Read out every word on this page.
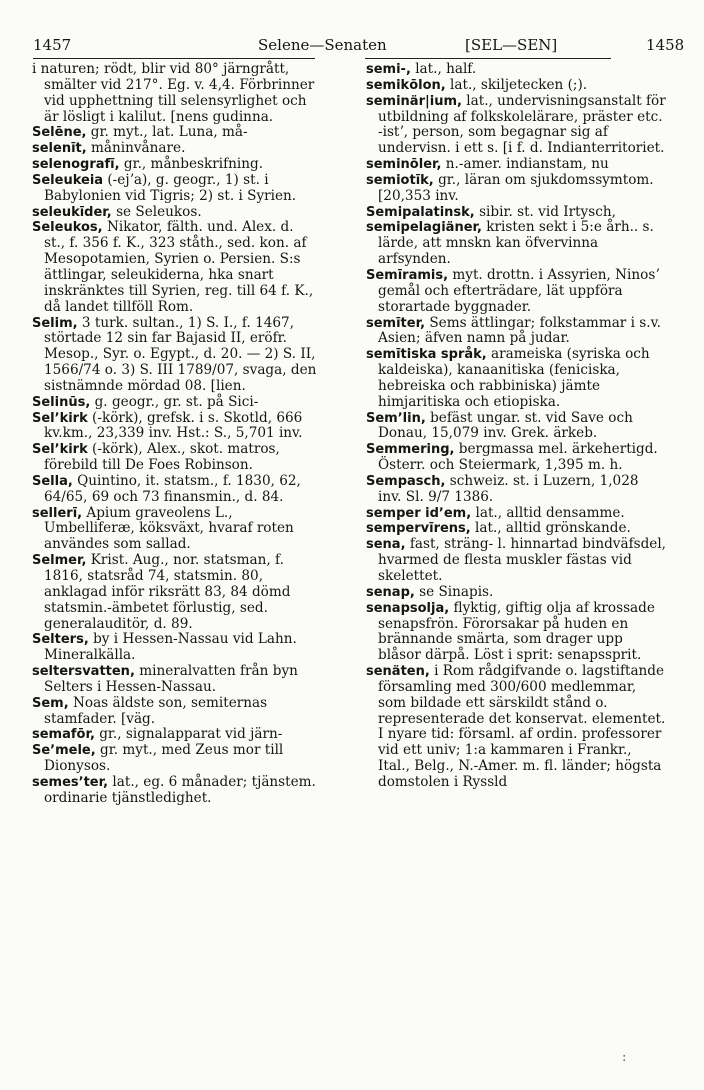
1457	Selene—Senaten	[SEL—SEN]	1458

i naturen; rödt, blir vid 80° järngrått, smälter vid 217°. Eg. v. 4,4. Förbrinner vid upphettning till selensyrlighet och är lösligt i kalilut. [nens gudinna.

Selēne, gr. myt., lat. Luna, må-

selenīt, måninvånare.

selenografī, gr., månbeskrifning.

Seleukeia (-ejʼa), g. geogr., 1) st. i Babylonien vid Tigris; 2) st. i Syrien.

seleukīder, se Seleukos.

Seleukos, Nikator, fälth. und. Alex. d. st., f. 356 f. K., 323 ståth., sed. kon. af Mesopotamien, Syrien o. Persien. S:s ättlingar, seleukiderna, hka snart inskränktes till Syrien, reg. till 64 f. K., då landet tillföll Rom.

Selim, 3 turk. sultan., 1) S. I., f. 1467, störtade 12 sin far Bajasid II, eröfr. Mesop., Syr. o. Egypt., d. 20. — 2) S. II, 1566/74 o. 3) S. III 1789/07, svaga, den sistnämnde mördad 08. [lien.

Selinūs, g. geogr., gr. st. på Sici-

Selʼkirk (-körk), grefsk. i s. Skotld, 666 kv.km., 23,339 inv. Hst.: S., 5,701 inv.

Selʼkirk (-körk), Alex., skot. matros, förebild till De Foes Robinson.

Sella, Quintino, it. statsm., f. 1830, 62, 64/65, 69 och 73 finansmin., d. 84.

sellerī, Apium graveolens L., Umbelliferæ, köksväxt, hvaraf roten användes som sallad.

Selmer, Krist. Aug., nor. statsman, f. 1816, statsråd 74, statsmin. 80, anklagad inför riksrätt 83, 84 dömd statsmin.-ämbetet förlustig, sed. generalauditör, d. 89.

Selters, by i Hessen-Nassau vid Lahn. Mineralkälla.

seltersvatten, mineralvatten från byn Selters i Hessen-Nassau.

Sem, Noas äldste son, semiternas stamfader. [väg.

semafōr, gr., signalapparat vid järn-

Seʼmele, gr. myt., med Zeus mor till Dionysos.

semesʼter, lat., eg. 6 månader; tjänstem. ordinarie tjänstledighet.

semi-, lat., half.

semikōlon, lat., skiljetecken (;).

seminär|ium, lat., undervisningsanstalt för utbildning af folkskolelärare, präster etc. -istʼ, person, som begagnar sig af undervisn. i ett s. [i f. d. Indianterritoriet.

seminōler, n.-amer. indianstam, nu

semiotīk, gr., läran om sjukdomssymtom. [20,353 inv.

Semipalatinsk, sibir. st. vid Irtysch,

semipelagiäner, kristen sekt i 5:e årh.. s. lärde, att mnskn kan öfvervinna arfsynden.

Semīramis, myt. drottn. i Assyrien, Ninosʼ gemål och efterträdare, lät uppföra storartade byggnader.

semīter, Sems ättlingar; folkstammar i s.v. Asien; äfven namn på judar.

semītiska språk, arameiska (syriska och kaldeiska), kanaanitiska (feniciska, hebreiska och rabbiniska) jämte himjaritiska och etiopiska.

Semʼlin, befäst ungar. st. vid Save och Donau, 15,079 inv. Grek. ärkeb.

Semmering, bergmassa mel. ärkehertigd. Österr. och Steiermark, 1,395 m. h.

Sempasch, schweiz. st. i Luzern, 1,028 inv. Sl. 9/7 1386.

semper idʼem, lat., alltid densamme.

sempervīrens, lat., alltid grönskande.

sena, fast, sträng- l. hinnartad bindväfsdel, hvarmed de flesta muskler fästas vid skelettet.

senap, se Sinapis.

senapsolja, flyktig, giftig olja af krossade senapsfrön. Förorsakar på huden en brännande smärta, som drager upp blåsor därpå. Löst i sprit: senapssprit.

senäten, i Rom rådgifvande o. lagstiftande församling med 300/600 medlemmar, som bildade ett särskildt stånd o. representerade det konservat. elementet. I nyare tid: församl. af ordin. professorer vid ett univ; 1:a kammaren i Frankr., Ital., Belg., N.-Amer. m. fl. länder; högsta domstolen i Ryssld

:
